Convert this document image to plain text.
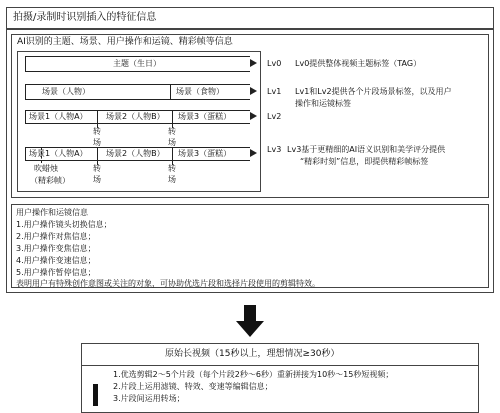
拍摄/录制时识别插入的特征信息
AI识别的主题、场景、用户操作和运镜、精彩帧等信息
主题（生日）
场景（人物）	场景（食物）
场景1（人物A） 场景2（人物B） 场景3（蛋糕）
转
场
转
场
场景1（人物A） 场景2（人物B） 场景3（蛋糕）
吹蜡烛
（精彩帧）
转
场
转
场
Lv0 Lv0提供整体视频主题标签（TAG）
Lv1 Lv1和Lv2提供各个片段场景标签，以及用户
操作和运镜标签
Lv2
Lv3 Lv3基于更精细的AI语义识别和美学评分提供
“精彩时刻”信息，即提供精彩帧标签
用户操作和运镜信息
1.用户操作镜头切换信息；
2.用户操作对焦信息；
3.用户操作变焦信息；
4.用户操作变速信息；
5.用户操作暂停信息；
表明用户有特殊创作意图或关注的对象，可协助优选片段和选择片段使用的剪辑特效。
原始长视频（15秒以上，理想情况≥30秒）
1.优选剪辑2～5个片段（每个片段2秒～6秒）重新拼接为10秒～15秒短视频；
2.片段上运用滤镜、特效、变速等编辑信息；
3.片段间运用转场；
